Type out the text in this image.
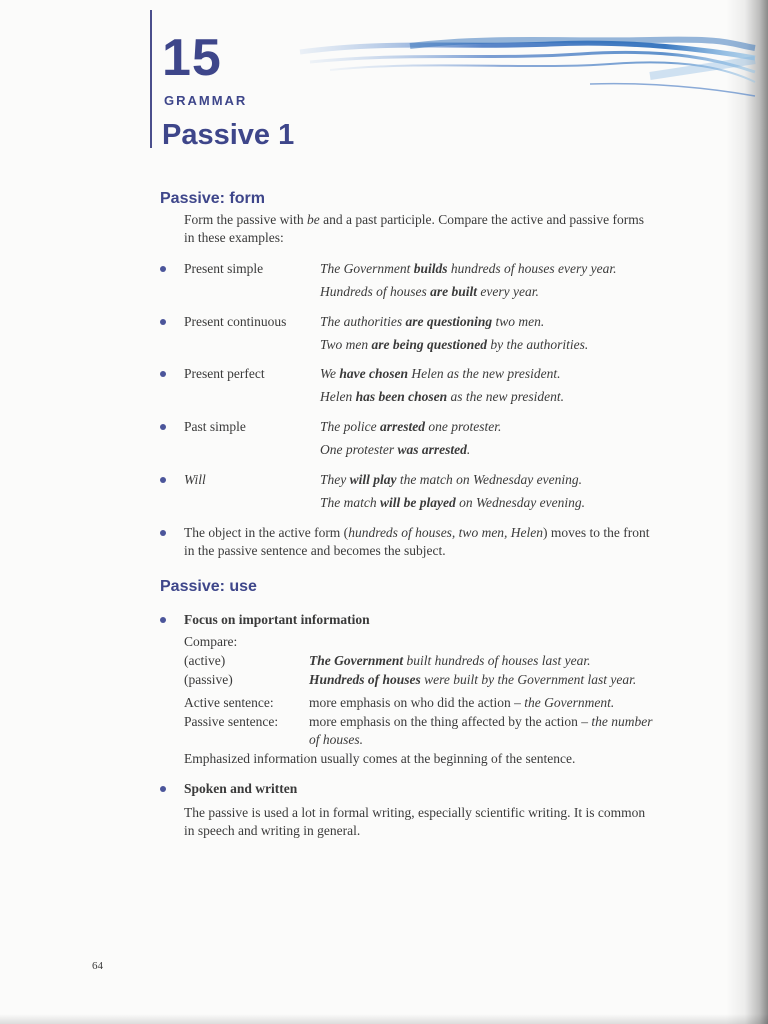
15
GRAMMAR
Passive 1
Passive: form

Form the passive with be and a past participle. Compare the active and passive forms
in these examples:

Present simple	The Government builds hundreds of houses every year.
Hundreds of houses are built every year.
Present continuous The authorities are questioning two men.
Two men are being questioned by the authorities.
Present perfect	We have chosen Helen as the new president.
Helen has been chosen as the new president.
Past simple	The police arrested one protester.
One protester was arrested.
Will	They will play the match on Wednesday evening.
The match will be played on Wednesday evening.

The object in the active form (hundreds of houses, two men, Helen) moves to the front
in the passive sentence and becomes the subject.

Passive: use
Focus on important information
Compare:
(active)	The Government built hundreds of houses last year.
(passive)	Hundreds of houses were built by the Government last year.
Active sentence:	more emphasis on who did the action – the Government.
Passive sentence: more emphasis on the thing affected by the action – the number
of houses.
Emphasized information usually comes at the beginning of the sentence.
Spoken and written

The passive is used a lot in formal writing, especially scientific writing. It is common
in speech and writing in general.

64
